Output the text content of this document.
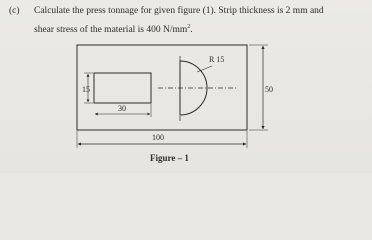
(c) Calculate the press tonnage for given figure (1). Strip thickness is 2 mm and
shear stress of the material is 400 $N/mm^2$.
R 15
50
15
30
100
Figure – 1
